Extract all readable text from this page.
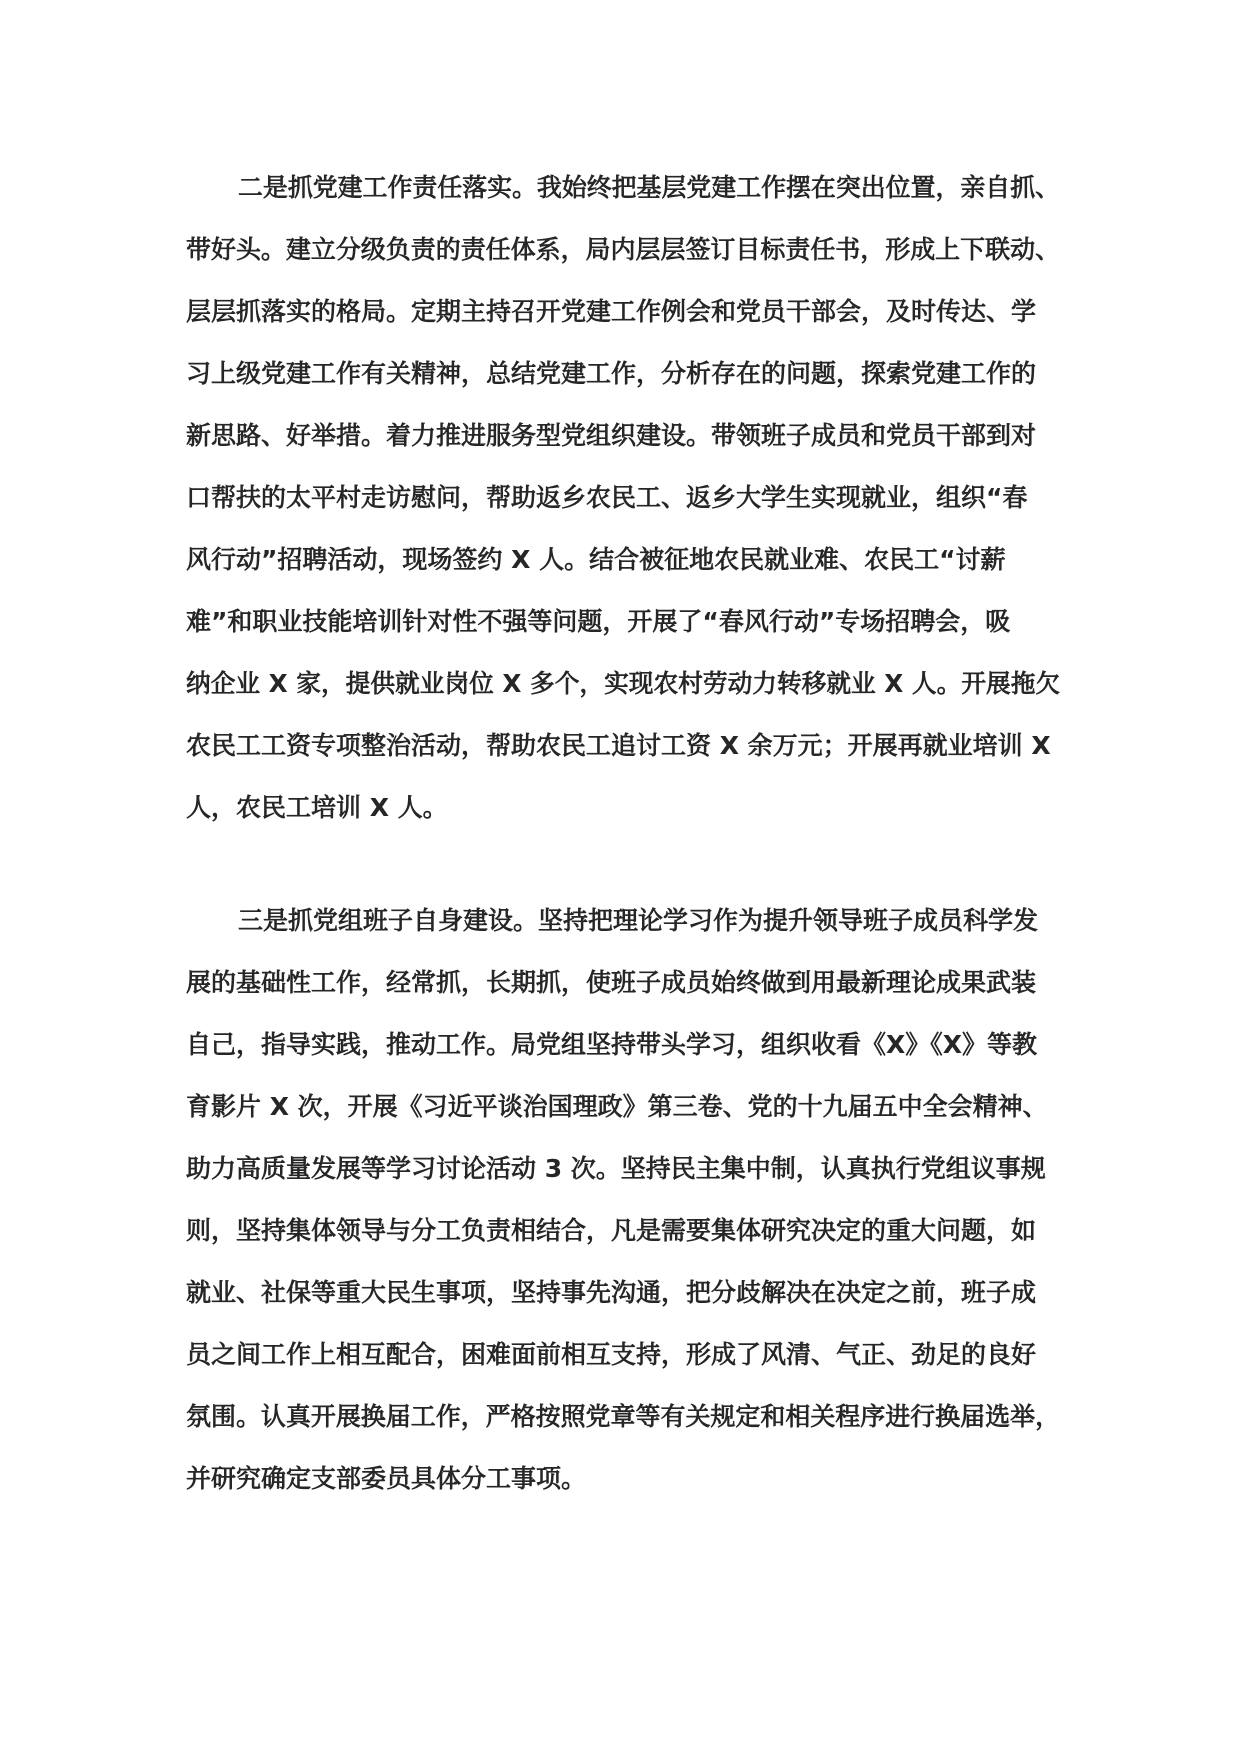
二是抓党建工作责任落实。我始终把基层党建工作摆在突出位置，亲自抓、

带好头。建立分级负责的责任体系，局内层层签订目标责任书，形成上下联动、

层层抓落实的格局。定期主持召开党建工作例会和党员干部会，及时传达、学

习上级党建工作有关精神，总结党建工作，分析存在的问题，探索党建工作的

新思路、好举措。着力推进服务型党组织建设。带领班子成员和党员干部到对

口帮扶的太平村走访慰问，帮助返乡农民工、返乡大学生实现就业，组织“春

风行动”招聘活动，现场签约 X 人。结合被征地农民就业难、农民工“讨薪

难”和职业技能培训针对性不强等问题，开展了“春风行动”专场招聘会，吸

纳企业 X 家，提供就业岗位 X 多个，实现农村劳动力转移就业 X 人。开展拖欠

农民工工资专项整治活动，帮助农民工追讨工资 X 余万元；开展再就业培训 X

人，农民工培训 X 人。

三是抓党组班子自身建设。坚持把理论学习作为提升领导班子成员科学发

展的基础性工作，经常抓，长期抓，使班子成员始终做到用最新理论成果武装

自己，指导实践，推动工作。局党组坚持带头学习，组织收看《X》《X》等教

育影片 X 次，开展《习近平谈治国理政》第三卷、党的十九届五中全会精神、

助力高质量发展等学习讨论活动 3 次。坚持民主集中制，认真执行党组议事规

则，坚持集体领导与分工负责相结合，凡是需要集体研究决定的重大问题，如

就业、社保等重大民生事项，坚持事先沟通，把分歧解决在决定之前，班子成

员之间工作上相互配合，困难面前相互支持，形成了风清、气正、劲足的良好

氛围。认真开展换届工作，严格按照党章等有关规定和相关程序进行换届选举，

并研究确定支部委员具体分工事项。
